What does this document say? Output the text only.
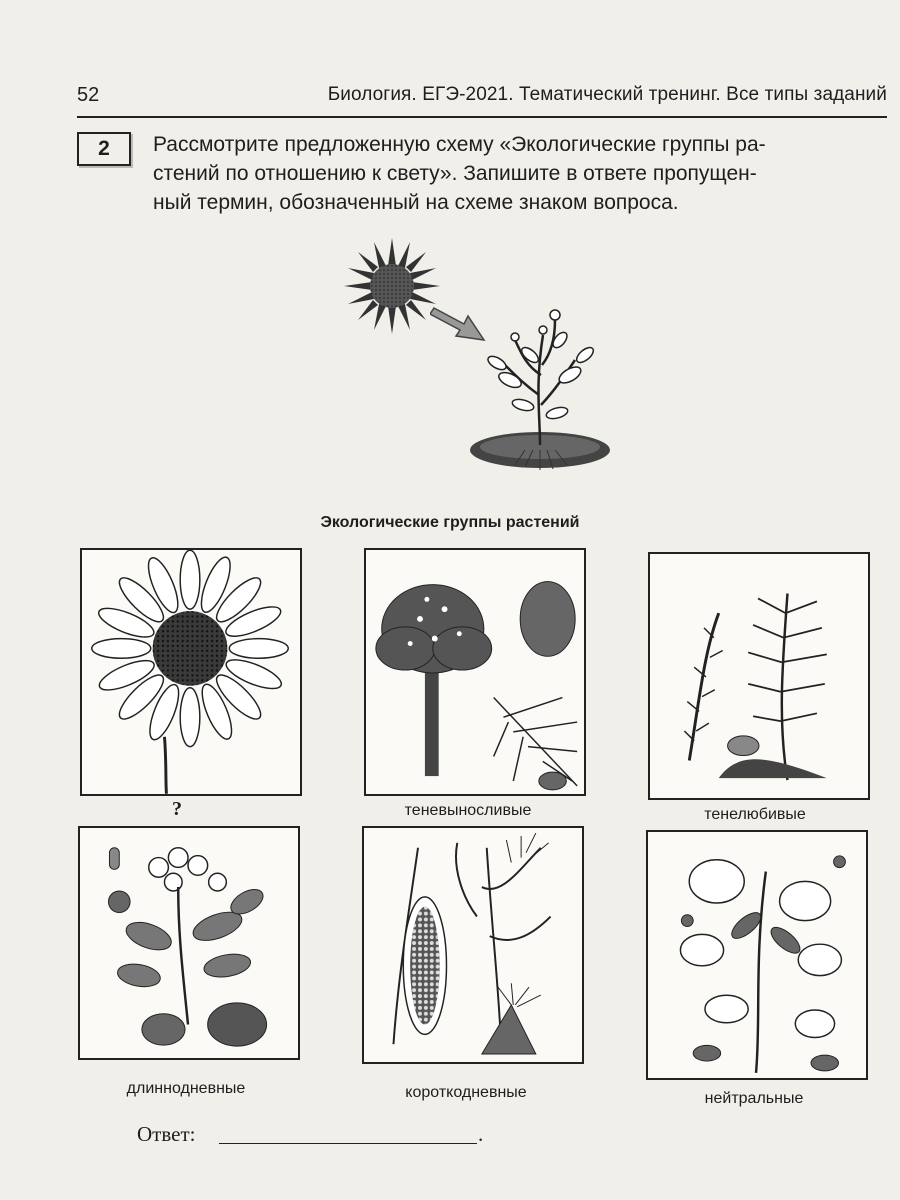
52	Биология. ЕГЭ-2021. Тематический тренинг. Все типы заданий
2	Рассмотрите предложенную схему «Экологические группы ра-
стений по отношению к свету». Запишите в ответе пропущен-
ный термин, обозначенный на схеме знаком вопроса.
Экологические группы растений
?	теневыносливые	тенелюбивые
длиннодневные	короткодневные	нейтральные
Ответ:	.
